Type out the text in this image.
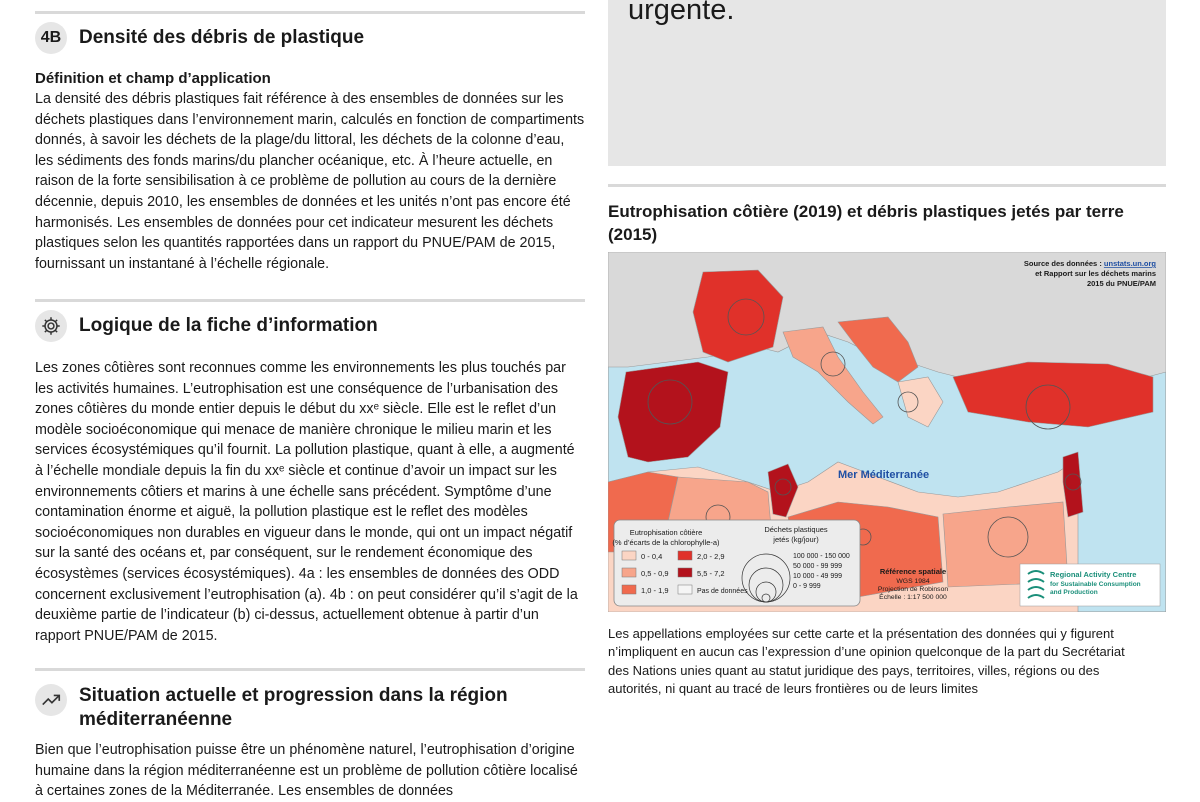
4B Densité des débris de plastique

Définition et champ d’application

La densité des débris plastiques fait référence à des ensembles de données sur les déchets plastiques dans l’environnement marin, calculés en fonction de compartiments donnés, à savoir les déchets de la plage/du littoral, les déchets de la colonne d’eau, les sédiments des fonds marins/du plancher océanique, etc. À l’heure actuelle, en raison de la forte sensibilisation à ce problème de pollution au cours de la dernière décennie, depuis 2010, les ensembles de données et les unités n’ont pas encore été harmonisés. Les ensembles de données pour cet indicateur mesurent les déchets plastiques selon les quantités rapportées dans un rapport du PNUE/PAM de 2015, fournissant un instantané à l’échelle régionale.

Logique de la fiche d’information

Les zones côtières sont reconnues comme les environnements les plus touchés par les activités humaines. L’eutrophisation est une conséquence de l’urbanisation des zones côtières du monde entier depuis le début du xxᵉ siècle. Elle est le reflet d’un modèle socioéconomique qui menace de manière chronique le milieu marin et les services écosystémiques qu’il fournit. La pollution plastique, quant à elle, a augmenté à l’échelle mondiale depuis la fin du xxᵉ siècle et continue d’avoir un impact sur les environnements côtiers et marins à une échelle sans précédent. Symptôme d’une contamination énorme et aiguë, la pollution plastique est le reflet des modèles socioéconomiques non durables en vigueur dans le monde, qui ont un impact négatif sur la santé des océans et, par conséquent, sur le rendement économique des écosystèmes (services écosystémiques). 4a : les ensembles de données des ODD concernent exclusivement l’eutrophisation (a). 4b : on peut considérer qu’il s’agit de la deuxième partie de l’indicateur (b) ci-dessus, actuellement obtenue à partir d’un rapport PNUE/PAM de 2015.

Situation actuelle et progression dans la région méditerranéenne

Bien que l’eutrophisation puisse être un phénomène naturel, l’eutrophisation d’origine humaine dans la région méditerranéenne est un problème de pollution côtière localisé à certaines zones de la Méditerranée. Les ensembles de données

urgente.
Eutrophisation côtière (2019) et débris plastiques jetés par terre (2015)
Mer Méditerranée
Source des données : unstats.un.org
et Rapport sur les déchets marins
2015 du PNUE/PAM
Eutrophisation côtière
(% d’écarts de la chlorophylle-a)
0 - 0,4	2,0 - 2,9
0,5 - 0,9	5,5 - 7,2
1,0 - 1,9	Pas de données
Déchets plastiques
jetés (kg/jour)
100 000 - 150 000
50 000 - 99 999
10 000 - 49 999
0 - 9 999
Référence spatiale
WGS 1984
Projection de Robinson
Échelle : 1:17 500 000
Regional Activity Centre
for Sustainable Consumption
and Production

Les appellations employées sur cette carte et la présentation des données qui y figurent n’impliquent en aucun cas l’expression d’une opinion quelconque de la part du Secrétariat des Nations unies quant au statut juridique des pays, territoires, villes, régions ou des autorités, ni quant au tracé de leurs frontières ou de leurs limites
